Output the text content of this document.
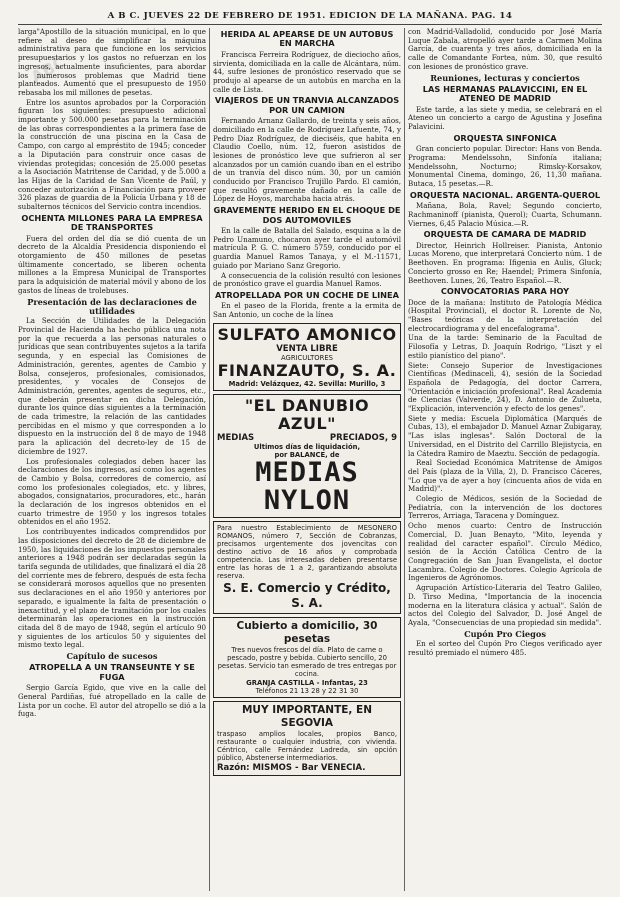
ABC
A B C. JUEVES 22 DE FEBRERO DE 1951. EDICION DE LA MAÑANA. PAG. 14

larga"Apostillo de la situación municipal, en lo que refiere al deseo de simplificar la máquina administrativa para que funcione en los servicios presupuestarios y los gastos no refuerzan en los ingresos, actualmente insuficientes, para abordar los numerosos problemas que Madrid tiene planteados. Aumentó que el presupuesto de 1950 rebasaba los mil millones de pesetas.

Entre los asuntos aprobados por la Corporación figuran los siguientes: presupuesto adicional importante y 500.000 pesetas para la terminación de las obras correspondientes a la primera fase de la construcción de una piscina en la Casa de Campo, con cargo al empréstito de 1945; conceder a la Diputación para construir once casas de viviendas protegidas; concesión de 25.000 pesetas a la Asociación Matritense de Caridad, y de 5.000 a las Hijas de la Caridad de San Vicente de Paúl, y conceder autorización a Financiación para proveer 326 plazas de guardia de la Policía Urbana y 18 de subalternos técnicos del Servicio contra incendios.

OCHENTA MILLONES PARA LA EMPRESA DE TRANSPORTES

Fuera del orden del día se dió cuenta de un decreto de la Alcaldía Presidencia disponiendo el otorgamiento de 450 millones de pesetas últimamente concertado, se liberen ochenta millones a la Empresa Municipal de Transportes para la adquisición de material móvil y abono de los gastos de líneas de trolebuses.

Presentación de las declaraciones de utilidades

La Sección de Utilidades de la Delegación Provincial de Hacienda ha hecho pública una nota por la que recuerda a las personas naturales o jurídicas que sean contribuyentes sujetos a la tarifa segunda, y en especial las Comisiones de Administración, gerentes, agentes de Cambio y Bolsa, consejeros, profesionales, comisionados, presidentes, y vocales de Consejos de Administración, gerentes, agentes de seguros, etc., que deberán presentar en dicha Delegación, durante los quince días siguientes a la terminación de cada trimestre, la relación de las cantidades percibidas en el mismo y que corresponden a lo dispuesto en la instrucción del 8 de mayo de 1948 para la aplicación del decreto-ley de 15 de diciembre de 1927.

Los profesionales colegiados deben hacer las declaraciones de los ingresos, así como los agentes de Cambio y Bolsa, corredores de comercio, así como los profesionales colegiados, etc. y libres, abogados, consignatarios, procuradores, etc., harán la declaración de los ingresos obtenidos en el cuarto trimestre de 1950 y los ingresos totales obtenidos en el año 1952.

Los contribuyentes indicados comprendidos por las disposiciones del decreto de 28 de diciembre de 1950, las liquidaciones de los impuestos personales anteriores a 1948 podrán ser declaradas según la tarifa segunda de utilidades, que finalizará el día 28 del corriente mes de febrero, después de esta fecha se considerará morosos aquellos que no presenten sus declaraciones en el año 1950 y anteriores por separado, e igualmente la falta de presentación o inexactitud, y el plazo de tramitación por los cuales determinarán las operaciones en la instrucción citada del 8 de mayo de 1948, según el artículo 90 y siguientes de los artículos 50 y siguientes del mismo texto legal.

Capítulo de sucesos
ATROPELLA A UN TRANSEUNTE Y SE FUGA

Sergio García Egido, que vive en la calle del General Pardiñas, fué atropellado en la calle de Lista por un coche. El autor del atropello se dió a la fuga.

HERIDA AL APEARSE DE UN AUTOBUS EN MARCHA

Francisca Ferreira Rodríguez, de dieciocho años, sirvienta, domiciliada en la calle de Alcántara, núm. 44, sufre lesiones de pronóstico reservado que se produjo al apearse de un autobús en marcha en la calle de Lista.

VIAJEROS DE UN TRANVIA ALCANZADOS POR UN CAMION

Fernando Arnanz Gallardo, de treinta y seis años, domiciliado en la calle de Rodríguez Lafuente, 74, y Pedro Díaz Rodríguez, de dieciséis, que habita en Claudio Coello, núm. 12, fueron asistidos de lesiones de pronóstico leve que sufrieron al ser alcanzados por un camión cuando iban en el estribo de un tranvía del disco núm. 30, por un camión conducido por Francisco Trujillo Pardo. El camión, que resultó gravemente dañado en la calle de López de Hoyos, marchaba hacia atrás.

GRAVEMENTE HERIDO EN EL CHOQUE DE DOS AUTOMOVILES

En la calle de Batalla del Salado, esquina a la de Pedro Unamuno, chocaron ayer tarde el automóvil matrícula P. G. C. número 5759, conducido por el guardia Manuel Ramos Tanaya, y el M.-11571, guiado por Mariano Sanz Gregorio.

A consecuencia de la colisión resultó con lesiones de pronóstico grave el guardia Manuel Ramos.

ATROPELLADA POR UN COCHE DE LINEA

En el paseo de la Florida, frente a la ermita de San Antonio, un coche de la línea

SULFATO AMONICO
VENTA LIBRE
AGRICULTORES
FINANZAUTO, S. A.
Madrid: Velázquez, 42. Sevilla: Murillo, 3
"EL DANUBIO AZUL"
MEDIAS	PRECIADOS, 9
Ultimos días de liquidación,
por BALANCE, de
MEDIAS NYLON

Para nuestro Establecimiento de MESONERO ROMANOS, número 7, Sección de Cobranzas, precisamos urgentemente dos jovencitas con destino activo de 16 años y comprobada competencia. Las interesadas deben presentarse entre las horas de 1 a 2, garantizando absoluta reserva.

S. E. Comercio y Crédito, S. A.
Cubierto a domicilio, 30 pesetas

Tres nuevos frescos del día. Plato de carne o pescado, postre y bebida. Cubierto sencillo, 20 pesetas. Servicio tan esmerado de tres entregas por cocina.

GRANJA CASTILLA - Infantas, 23
Teléfonos 21 13 28 y 22 31 30
MUY IMPORTANTE, EN SEGOVIA

traspaso amplios locales, propios Banco, restaurante o cualquier industria, con vivienda. Céntrico, calle Fernández Ladreda, sin opción público, Abstenerse intermediarios.

Razón: MISMOS - Bar VENECIA.

con Madrid-Valladolid, conducido por José María Luque Zabala, atropelló ayer tarde a Carmen Molina García, de cuarenta y tres años, domiciliada en la calle de Comandante Fortea, núm. 30, que resultó con lesiones de pronóstico grave.

Reuniones, lecturas y conciertos
LAS HERMANAS PALAVICCINI, EN EL ATENEO DE MADRID

Este tarde, a las siete y media, se celebrará en el Ateneo un concierto a cargo de Agustina y Josefina Palavicini.

ORQUESTA SINFONICA

Gran concierto popular. Director: Hans von Benda. Programa: Mendelssohn, Sinfonía italiana; Mendelssohn, Nocturno; Rimsky-Korsakov, Monumental Cinema, domingo, 26, 11,30 mañana. Butaca, 15 pesetas.—R.

ORQUESTA NACIONAL. ARGENTA-QUEROL

Mañana, Bola, Ravel; Segundo concierto, Rachmaninoff (pianista, Querol); Cuarta, Schumann. Viernes, 6,45 Palacio Música.—R.

ORQUESTA DE CAMARA DE MADRID

Director, Heinrich Hollreiser. Pianista, Antonio Lucas Moreno, que interpretará Concierto núm. 1 de Beethoven. En programa: Ifigenia en Aulis, Gluck; Concierto grosso en Re; Haendel; Primera Sinfonía, Beethoven. Lunes, 26, Teatro Español.—R.

CONVOCATORIAS PARA HOY

Doce de la mañana: Instituto de Patología Médica (Hospital Provincial), el doctor R. Lorente de No, "Bases teóricas de la interpretación del electrocardiograma y del encefalograma".

Una de la tarde: Seminario de la Facultad de Filosofía y Letras, D. Joaquín Rodrigo, "Liszt y el estilo pianístico del piano".

Siete: Consejo Superior de Investigaciones Científicas (Medinaceli, 4), sesión de la Sociedad Española de Pedagogía, del doctor Carrera, "Orientación e iniciación profesional". Real Academia de Ciencias (Valverde, 24), D. Antonio de Zulueta, "Explicación, intervención y efecto de los genes".

Siete y media: Escuela Diplomática (Marqués de Cubas, 13), el embajador D. Manuel Aznar Zubigaray, "Las islas inglesas". Salón Doctoral de la Universidad, en el Distrito del Carrillo Blejistycia, en la Cátedra Ramiro de Maeztu. Sección de pedagogía.

Real Sociedad Económica Matritense de Amigos del País (plaza de la Villa, 2), D. Francisco Cáceres, "Lo que va de ayer a hoy (cincuenta años de vida en Madrid)".

Colegio de Médicos, sesión de la Sociedad de Pediatría, con la intervención de los doctores Terreros, Arriaga, Taracena y Domínguez.

Ocho menos cuarto: Centro de Instrucción Comercial, D. Juan Benayto, "Mito, leyenda y realidad del caracter español". Círculo Médico, sesión de la Acción Católica Centro de la Congregación de San Juan Evangelista, el doctor Lacambra. Colegio de Doctores. Colegio Agrícola de Ingenieros de Agrónomos.

Agrupación Artístico-Literaria del Teatro Galileo, D. Tirso Medina, "Importancia de la inocencia moderna en la literatura clásica y actual". Salón de actos del Colegio del Salvador, D. José Angel de Ayala, "Consecuencias de una propiedad sin medida".

Cupón Pro Ciegos

En el sorteo del Cupón Pro Ciegos verificado ayer resultó premiado el número 485.
